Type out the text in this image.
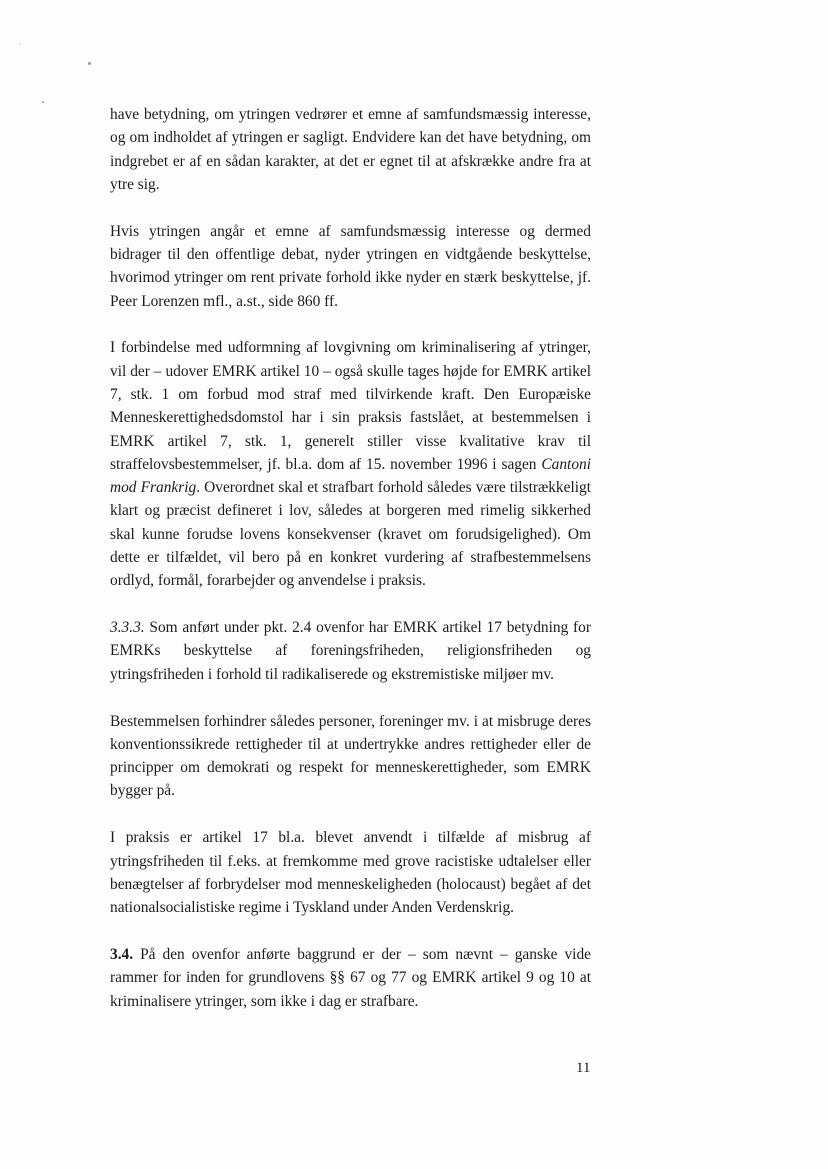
have betydning, om ytringen vedrører et emne af samfundsmæssig interesse, og om indholdet af ytringen er sagligt. Endvidere kan det have betydning, om indgrebet er af en sådan karakter, at det er egnet til at afskrække andre fra at ytre sig.

Hvis ytringen angår et emne af samfundsmæssig interesse og dermed bidrager til den offentlige debat, nyder ytringen en vidtgående beskyttelse, hvorimod ytringer om rent private forhold ikke nyder en stærk beskyttelse, jf. Peer Lorenzen mfl., a.st., side 860 ff.

I forbindelse med udformning af lovgivning om kriminalisering af ytringer, vil der – udover EMRK artikel 10 – også skulle tages højde for EMRK artikel 7, stk. 1 om forbud mod straf med tilvirkende kraft. Den Europæiske Menneskerettighedsdomstol har i sin praksis fastslået, at bestemmelsen i EMRK artikel 7, stk. 1, generelt stiller visse kvalitative krav til straffelovsbestemmelser, jf. bl.a. dom af 15. november 1996 i sagen Cantoni mod Frankrig. Overordnet skal et strafbart forhold således være tilstrækkeligt klart og præcist defineret i lov, således at borgeren med rimelig sikkerhed skal kunne forudse lovens konsekvenser (kravet om forudsigelighed). Om dette er tilfældet, vil bero på en konkret vurdering af strafbestemmelsens ordlyd, formål, forarbejder og anvendelse i praksis.

3.3.3. Som anført under pkt. 2.4 ovenfor har EMRK artikel 17 betydning for EMRKs beskyttelse af foreningsfriheden, religionsfriheden og ytringsfriheden i forhold til radikaliserede og ekstremistiske miljøer mv.

Bestemmelsen forhindrer således personer, foreninger mv. i at misbruge deres konventionssikrede rettigheder til at undertrykke andres rettigheder eller de principper om demokrati og respekt for menneskerettigheder, som EMRK bygger på.

I praksis er artikel 17 bl.a. blevet anvendt i tilfælde af misbrug af ytringsfriheden til f.eks. at fremkomme med grove racistiske udtalelser eller benægtelser af forbrydelser mod menneskeligheden (holocaust) begået af det nationalsocialistiske regime i Tyskland under Anden Verdenskrig.

3.4. På den ovenfor anførte baggrund er der – som nævnt – ganske vide rammer for inden for grundlovens §§ 67 og 77 og EMRK artikel 9 og 10 at kriminalisere ytringer, som ikke i dag er strafbare.

11
